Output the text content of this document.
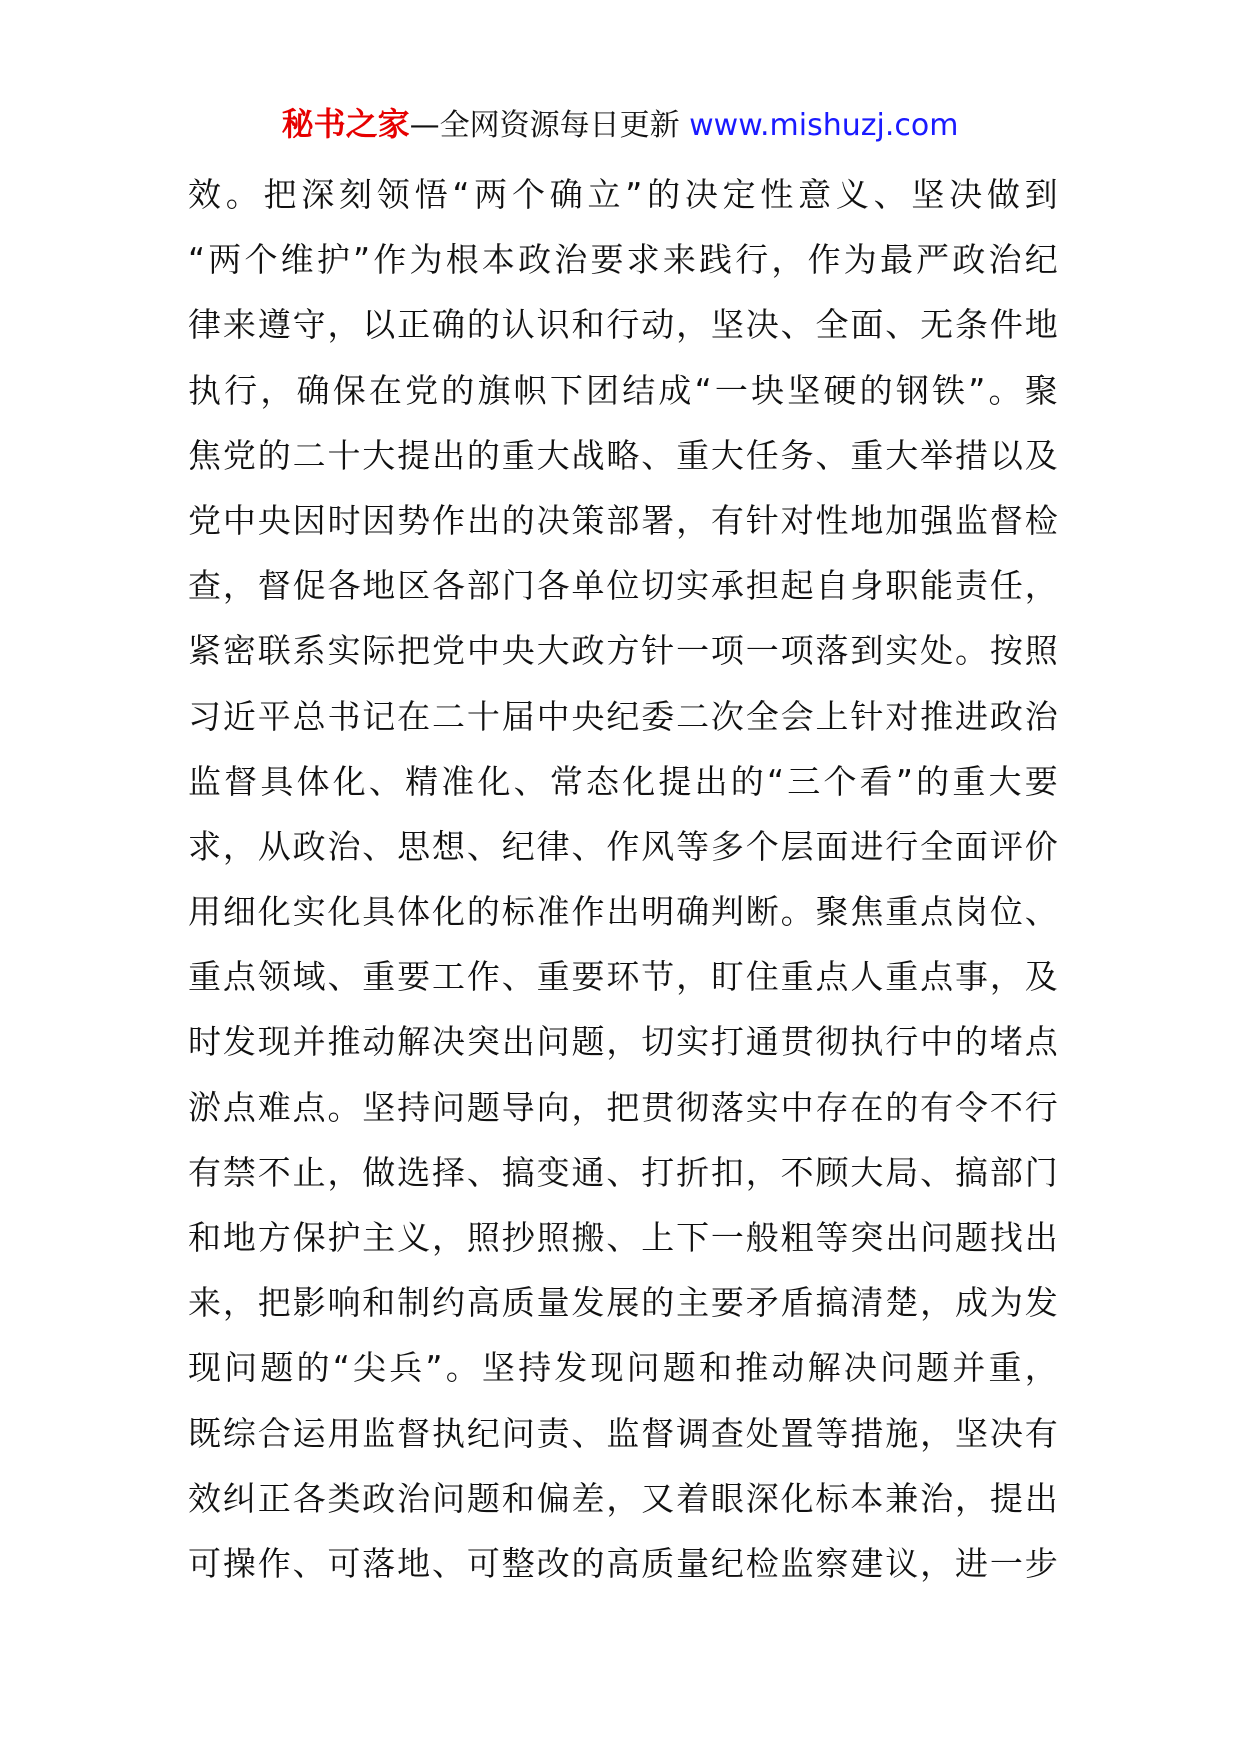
秘书之家—全网资源每日更新 www.mishuzj.com
效。把深刻领悟“两个确立”的决定性意义、坚决做到
“两个维护”作为根本政治要求来践行，作为最严政治纪
律来遵守，以正确的认识和行动，坚决、全面、无条件地
执行，确保在党的旗帜下团结成“一块坚硬的钢铁”。聚
焦党的二十大提出的重大战略、重大任务、重大举措以及
党中央因时因势作出的决策部署，有针对性地加强监督检
查，督促各地区各部门各单位切实承担起自身职能责任，
紧密联系实际把党中央大政方针一项一项落到实处。按照
习近平总书记在二十届中央纪委二次全会上针对推进政治
监督具体化、精准化、常态化提出的“三个看”的重大要
求，从政治、思想、纪律、作风等多个层面进行全面评价
用细化实化具体化的标准作出明确判断。聚焦重点岗位、
重点领域、重要工作、重要环节，盯住重点人重点事，及
时发现并推动解决突出问题，切实打通贯彻执行中的堵点
淤点难点。坚持问题导向，把贯彻落实中存在的有令不行
有禁不止，做选择、搞变通、打折扣，不顾大局、搞部门
和地方保护主义，照抄照搬、上下一般粗等突出问题找出
来，把影响和制约高质量发展的主要矛盾搞清楚，成为发
现问题的“尖兵”。坚持发现问题和推动解决问题并重，
既综合运用监督执纪问责、监督调查处置等措施，坚决有
效纠正各类政治问题和偏差，又着眼深化标本兼治，提出
可操作、可落地、可整改的高质量纪检监察建议，进一步
